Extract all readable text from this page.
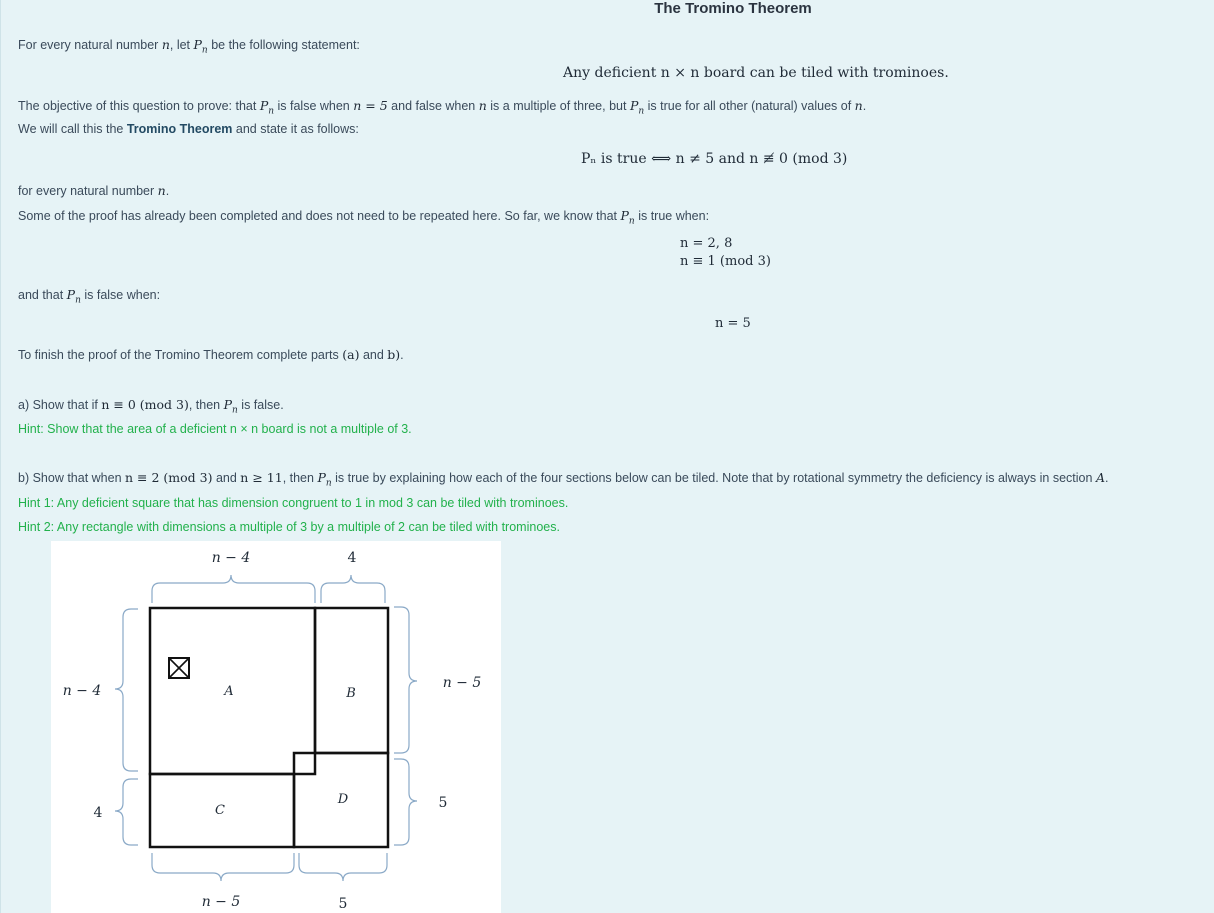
The Tromino Theorem
For every natural number n, let $P_n$ be the following statement:
Any deficient n × n board can be tiled with trominoes.
The objective of this question to prove: that $P_n$ is false when n = 5 and false when n is a multiple of three, but $P_n$ is true for all other (natural) values of n.
We will call this the Tromino Theorem and state it as follows:
Pₙ is true ⟺ n ≠ 5 and n ≢ 0 (mod 3)
for every natural number n.
Some of the proof has already been completed and does not need to be repeated here. So far, we know that $P_n$ is true when:
n = 2, 8
n ≡ 1 (mod 3)
and that $P_n$ is false when:
n = 5
To finish the proof of the Tromino Theorem complete parts (a) and b).
a) Show that if n ≡ 0 (mod 3), then $P_n$ is false.
Hint: Show that the area of a deficient n × n board is not a multiple of 3.
b) Show that when n ≡ 2 (mod 3) and n ≥ 11, then $P_n$ is true by explaining how each of the four sections below can be tiled. Note that by rotational symmetry the deficiency is always in section A.
Hint 1: Any deficient square that has dimension congruent to 1 in mod 3 can be tiled with trominoes.
Hint 2: Any rectangle with dimensions a multiple of 3 by a multiple of 2 can be tiled with trominoes.
n − 4	4
n − 4
4
n − 5
5
n − 5	5
A	B
C
D
